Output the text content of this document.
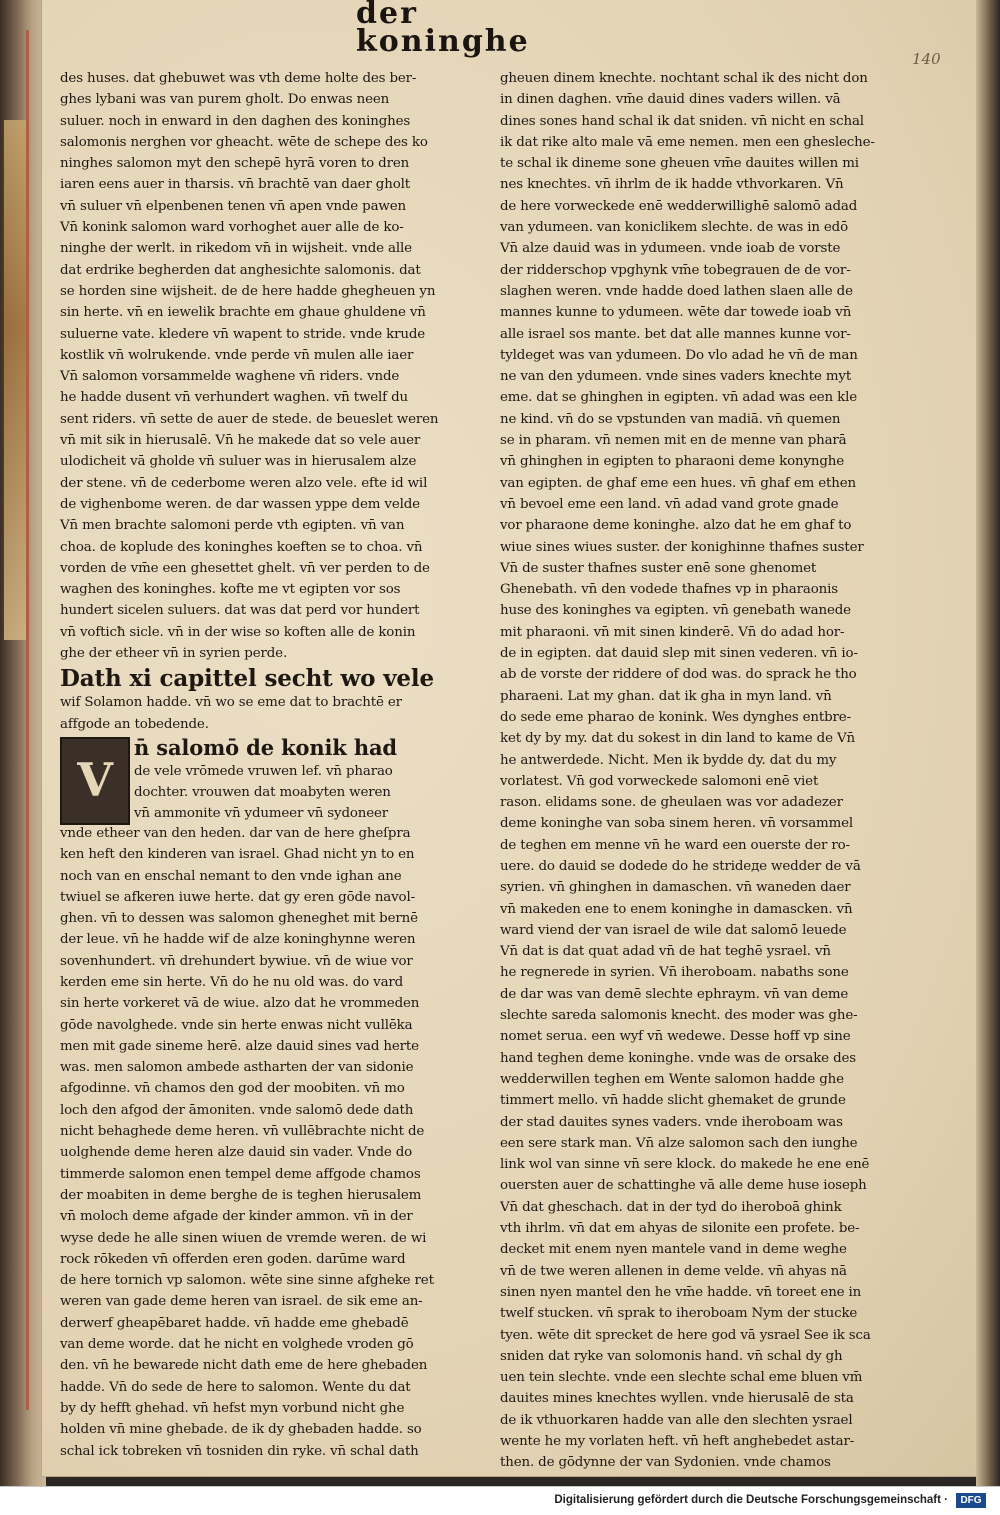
der koninghe	140
des huses. dat ghebuwet was vth deme holte des ber-
ghes lybani was van purem gholt. Do enwas neen
suluer. noch in enward in den daghen des koninghes
salomonis nerghen vor gheacht. wēte de schepe des ko
ninghes salomon myt den schepē hyrā voren to dren
iaren eens auer in tharsis. vn̄ brachtē van daer gholt
vn̄ suluer vn̄ elpenbenen tenen vn̄ apen vnde pawen
Vn̄ konink salomon ward vorhoghet auer alle de ko-
ninghe der werlt. in rikedom vn̄ in wijsheit. vnde alle
dat erdrike begherden dat anghesichte salomonis. dat
se horden sine wijsheit. de de here hadde ghegheuen yn
sin herte. vn̄ en iewelik brachte em ghaue ghuldene vn̄
suluerne vate. kledere vn̄ wapent to stride. vnde krude
kostlik vn̄ wolrukende. vnde perde vn̄ mulen alle iaer
Vn̄ salomon vorsammelde waghene vn̄ riders. vnde
he hadde dusent vn̄ verhundert waghen. vn̄ twelf du
sent riders. vn̄ sette de auer de stede. de beueslet weren
vn̄ mit sik in hierusalē. Vn̄ he makede dat so vele auer
ulodicheit vā gholde vn̄ suluer was in hierusalem alze
der stene. vn̄ de cederbome weren alzo vele. efte id wil
de vighenbome weren. de dar wassen yppe dem velde
Vn̄ men brachte salomoni perde vth egipten. vn̄ van
choa. de koplude des koninghes koeften se to choa. vn̄
vorden de vm̄e een ghesettet ghelt. vn̄ ver perden to de
waghen des koninghes. kofte me vt egipten vor sos
hundert sicelen suluers. dat was dat perd vor hundert
vn̄ vofticħ sicle. vn̄ in der wise so koften alle de konin
ghe der etheer vn̄ in syrien perde.
Dath xi capittel secht wo vele
wif Solamon hadde. vn̄ wo se eme dat to brachtē er
affgode an tobedende.
V
n̄ salomō de konik had
de vele vrōmede vruwen lef. vn̄ pharao
dochter. vrouwen dat moabyten weren
vn̄ ammonite vn̄ ydumeer vn̄ sydoneer
vnde etheer van den heden. dar van de here gheſpra
ken heft den kinderen van israel. Ghad nicht yn to en
noch van en enschal nemant to den vnde ighan ane
twiuel se afkeren iuwe herte. dat gy eren gōde navol-
ghen. vn̄ to dessen was salomon gheneghet mit bernē
der leue. vn̄ he hadde wif de alze koninghynne weren
sovenhundert. vn̄ drehundert bywiue. vn̄ de wiue vor
kerden eme sin herte. Vn̄ do he nu old was. do vard
sin herte vorkeret vā de wiue. alzo dat he vrommeden
gōde navolghede. vnde sin herte enwas nicht vullēka
men mit gade sineme herē. alze dauid sines vad herte
was. men salomon ambede astharten der van sidonie
afgodinne. vn̄ chamos den god der moobiten. vn̄ mo
loch den afgod der āmoniten. vnde salomō dede dath
nicht behaghede deme heren. vn̄ vullēbrachte nicht de
uolghende deme heren alze dauid sin vader. Vnde do
timmerde salomon enen tempel deme affgode chamos
der moabiten in deme berghe de is teghen hierusalem
vn̄ moloch deme afgade der kinder ammon. vn̄ in der
wyse dede he alle sinen wiuen de vremde weren. de wi
rock rōkeden vn̄ offerden eren goden. darūme ward
de here tornich vp salomon. wēte sine sinne afgheke ret
weren van gade deme heren van israel. de sik eme an-
derwerf gheapēbaret hadde. vn̄ hadde eme ghebadē
van deme worde. dat he nicht en volghede vroden gō
den. vn̄ he bewarede nicht dath eme de here ghebaden
hadde. Vn̄ do sede de here to salomon. Wente du dat
by dy hefft ghehad. vn̄ hefst myn vorbund nicht ghe
holden vn̄ mine ghebade. de ik dy ghebaden hadde. so
schal ick tobreken vn̄ tosniden din ryke. vn̄ schal dath
gheuen dinem knechte. nochtant schal ik des nicht don
in dinen daghen. vm̄e dauid dines vaders willen. vā
dines sones hand schal ik dat sniden. vn̄ nicht en schal
ik dat rike alto male vā eme nemen. men een ghesleche-
te schal ik dineme sone gheuen vm̄e dauites willen mi
nes knechtes. vn̄ ihrlm de ik hadde vthvorkaren. Vn̄
de here vorweckede enē wedderwillighē salomō adad
van ydumeen. van koniclikem slechte. de was in edō
Vn̄ alze dauid was in ydumeen. vnde ioab de vorste
der ridderschop vpghynk vm̄e tobegrauen de de vor-
slaghen weren. vnde hadde doed lathen slaen alle de
mannes kunne to ydumeen. wēte dar towede ioab vn̄
alle israel sos mante. bet dat alle mannes kunne vor-
tyldeget was van ydumeen. Do vlo adad he vn̄ de man
ne van den ydumeen. vnde sines vaders knechte myt
eme. dat se ghinghen in egipten. vn̄ adad was een kle
ne kind. vn̄ do se vpstunden van madiā. vn̄ quemen
se in pharam. vn̄ nemen mit en de menne van pharā
vn̄ ghinghen in egipten to pharaoni deme konynghe
van egipten. de ghaf eme een hues. vn̄ ghaf em ethen
vn̄ bevoel eme een land. vn̄ adad vand grote gnade
vor pharaone deme koninghe. alzo dat he em ghaf to
wiue sines wiues suster. der konighinne thafnes suster
Vn̄ de suster thafnes suster enē sone ghenomet
Ghenebath. vn̄ den vodede thafnes vp in pharaonis
huse des koninghes va egipten. vn̄ genebath wanede
mit pharaoni. vn̄ mit sinen kinderē. Vn̄ do adad hor-
de in egipten. dat dauid slep mit sinen vederen. vn̄ io-
ab de vorste der riddere of dod was. do sprack he tho
pharaeni. Lat my ghan. dat ik gha in myn land. vn̄
do sede eme pharao de konink. Wes dynghes entbre-
ket dy by my. dat du sokest in din land to kame de Vn̄
he antwerdede. Nicht. Men ik bydde dy. dat du my
vorlatest. Vn̄ god vorweckede salomoni enē viet
rason. elidams sone. de gheulaen was vor adadezer
deme koninghe van soba sinem heren. vn̄ vorsammel
de teghen em menne vn̄ he ward een ouerste der ro-
uere. do dauid se dodede do he strideде wedder de vā
syrien. vn̄ ghinghen in damaschen. vn̄ waneden daer
vn̄ makeden ene to enem koninghe in damascken. vn̄
ward viend der van israel de wile dat salomō leuede
Vn̄ dat is dat quat adad vn̄ de hat teghē ysrael. vn̄
he regnerede in syrien. Vn̄ iheroboam. nabaths sone
de dar was van demē slechte ephraym. vn̄ van deme
slechte sareda salomonis knecht. des moder was ghe-
nomet serua. een wyf vn̄ wedewe. Desse hoff vp sine
hand teghen deme koninghe. vnde was de orsake des
wedderwillen teghen em Wente salomon hadde ghe
timmert mello. vn̄ hadde slicht ghemaket de grunde
der stad dauites synes vaders. vnde iheroboam was
een sere stark man. Vn̄ alze salomon sach den iunghe
link wol van sinne vn̄ sere klock. do makede he ene enē
ouersten auer de schattinghe vā alle deme huse ioseph
Vn̄ dat gheschach. dat in der tyd do iheroboā ghink
vth ihrlm. vn̄ dat em ahyas de silonite een profete. be-
decket mit enem nyen mantele vand in deme weghe
vn̄ de twe weren allenen in deme velde. vn̄ ahyas nā
sinen nyen mantel den he vm̄e hadde. vn̄ toreet ene in
twelf stucken. vn̄ sprak to iheroboam Nym der stucke
tyen. wēte dit sprecket de here god vā ysrael See ik sca
sniden dat ryke van solomonis hand. vn̄ schal dy gh
uen tein slechte. vnde een slechte schal eme bluen vm̄
dauites mines knechtes wyllen. vnde hierusalē de sta
de ik vthuorkaren hadde van alle den slechten ysrael
wente he my vorlaten heft. vn̄ heft anghebedet astar-
then. de gōdynne der van Sydonien. vnde chamos
Digitalisierung gefördert durch die Deutsche Forschungsgemeinschaft ·	DFG
